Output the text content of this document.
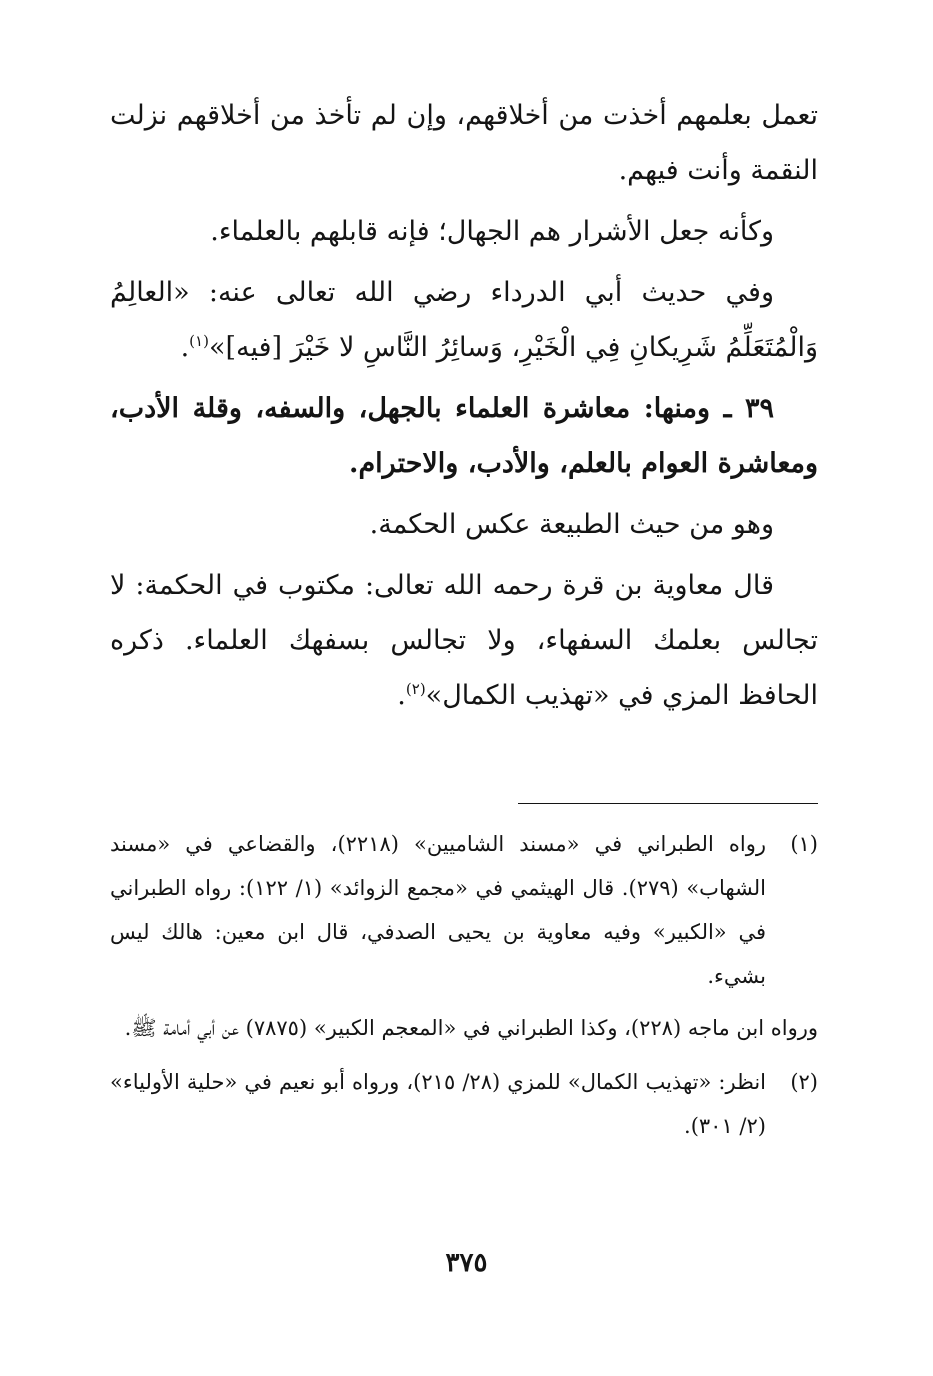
تعمل بعلمهم أخذت من أخلاقهم، وإن لم تأخذ من أخلاقهم نزلت النقمة وأنت فيهم.

وكأنه جعل الأشرار هم الجهال؛ فإنه قابلهم بالعلماء.

وفي حديث أبي الدرداء رضي الله تعالى عنه: «العالِمُ وَالْمُتَعَلِّمُ شَرِيكانِ فِي الْخَيْرِ، وَسائِرُ النَّاسِ لا خَيْرَ [فيه]»$^{(١)}$.

٣٩ ـ ومنها: معاشرة العلماء بالجهل، والسفه، وقلة الأدب، ومعاشرة العوام بالعلم، والأدب، والاحترام.

وهو من حيث الطبيعة عكس الحكمة.

قال معاوية بن قرة رحمه الله تعالى: مكتوب في الحكمة: لا تجالس بعلمك السفهاء، ولا تجالس بسفهك العلماء. ذكره الحافظ المزي في «تهذيب الكمال»$^{(٢)}$.

(١)

رواه الطبراني في «مسند الشاميين» (٢٢١٨)، والقضاعي في «مسند الشهاب» (٢٧٩). قال الهيثمي في «مجمع الزوائد» (١/ ١٢٢): رواه الطبراني في «الكبير» وفيه معاوية بن يحيى الصدفي، قال ابن معين: هالك ليس بشيء.

ورواه ابن ماجه (٢٢٨)، وكذا الطبراني في «المعجم الكبير» (٧٨٧٥) عن أبي أمامة ﷺ.

(٢)

انظر: «تهذيب الكمال» للمزي (٢٨/ ٢١٥)، ورواه أبو نعيم في «حلية الأولياء» (٢/ ٣٠١).

٣٧٥
